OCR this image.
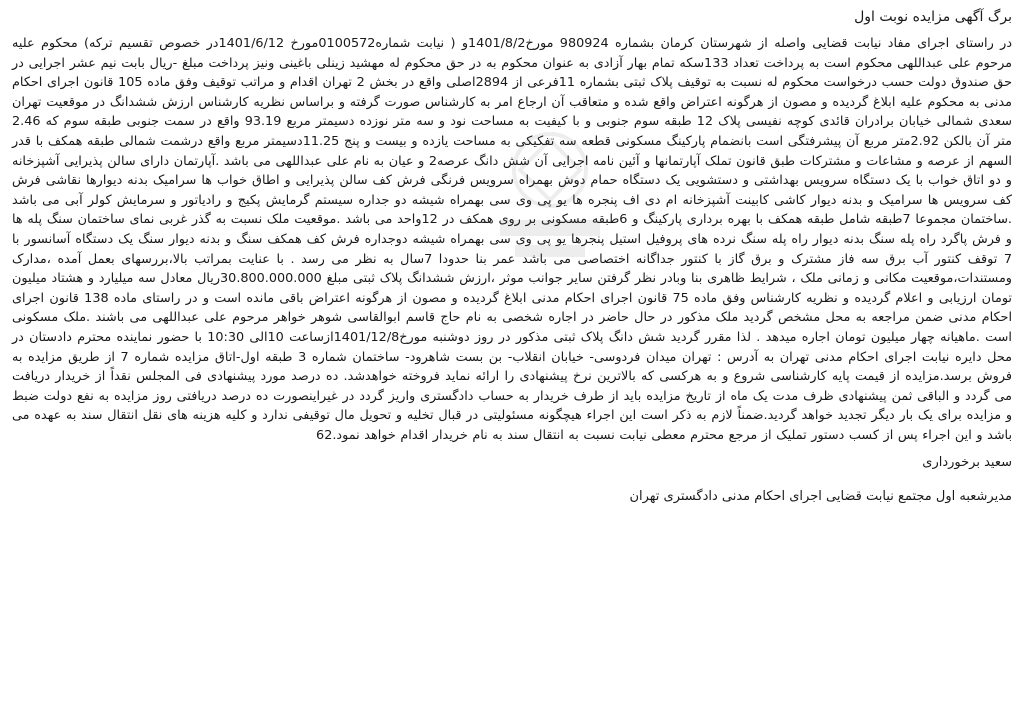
برگ آگهی مزایده نوبت اول

در راستای اجرای مفاد نیابت قضایی واصله از شهرستان کرمان بشماره 980924 مورخ1401/8/2و ( نیابت شماره0100572مورخ 1401/6/12در خصوص تقسیم ترکه) محکوم علیه مرحوم علی عبداللهی محکوم است به پرداخت تعداد 133سکه تمام بهار آزادی به عنوان محکوم به در حق محکوم له مهشید زینلی باغینی ونیز پرداخت مبلغ -ریال بابت نیم عشر اجرایی در حق صندوق دولت حسب درخواست محکوم له نسبت به توقیف پلاک ثبتی بشماره 11فرعی از 2894اصلی واقع در بخش 2 تهران اقدام و مراتب توقیف وفق ماده 105 قانون اجرای احکام مدنی به محکوم علیه ابلاغ گردیده و مصون از هرگونه اعتراض واقع شده و متعاقب آن ارجاع امر به کارشناس صورت گرفته و براساس نظریه کارشناس ارزش ششدانگ در موقعیت تهران سعدی شمالی خیابان برادران قائدی کوچه نفیسی پلاک 12 طبقه سوم جنوبی و با کیفیت به مساحت نود و سه متر نوزده دسیمتر مربع 93.19 واقع در سمت جنوبی طبقه سوم که 2.46 متر آن بالکن 2.92متر مربع آن پیشرفتگی است بانضمام پارکینگ مسکونی قطعه سه تفکیکی به مساحت یازده و بیست و پنج 11.25دسیمتر مربع واقع درشمت شمالی طبقه همکف با قدر السهم از عرصه و مشاعات و مشترکات طبق قانون تملک آپارتمانها و آئین نامه اجرایی آن شش دانگ عرصه2 و عیان به نام علی عبداللهی می باشد .آپارتمان دارای سالن پذیرایی آشپزخانه و دو اتاق خواب با یک دستگاه سرویس بهداشتی و دستشویی یک دستگاه حمام دوش بهمراه سرویس فرنگی فرش کف سالن پذیرایی و اطاق خواب ها سرامیک بدنه دیوارها نقاشی فرش کف سرویس ها سرامیک و بدنه دیوار کاشی کابینت آشپزخانه ام دی اف پنجره ها یو پی وی سی بهمراه شیشه دو جداره سیستم گرمایش پکیج و رادیاتور و سرمایش کولر آبی می باشد .ساختمان مجموعا 7طبقه شامل طبقه همکف با بهره برداری پارکینگ و 6طبقه مسکونی بر روی همکف در 12واحد می باشد .موقعیت ملک نسبت به گذر غربی نمای ساختمان سنگ پله ها و فرش پاگرد راه پله سنگ بدنه دیوار راه پله سنگ نرده های پروفیل استیل پنجرها یو پی وی سی بهمراه شیشه دوجداره فرش کف همکف سنگ و بدنه دیوار سنگ یک دستگاه آسانسور با 7 توقف کنتور آب برق سه فاز مشترک و برق گاز با کنتور جداگانه اختصاصی می باشد عمر بنا حدودا 7سال به نظر می رسد . با عنایت بمراتب بالا،بررسهای بعمل آمده ،مدارک ومستندات،موقعیت مکانی و زمانی ملک ، شرایط ظاهری بنا وبادر نظر گرفتن سایر جوانب موثر ،ارزش ششدانگ پلاک ثبتی مبلغ 30.800.000.000ریال معادل سه میلیارد و هشتاد میلیون تومان ارزیابی و اعلام گردیده و نظریه کارشناس وفق ماده 75 قانون اجرای احکام مدنی ابلاغ گردیده و مصون از هرگونه اعتراض باقی مانده است و در راستای ماده 138 قانون اجرای احکام مدنی ضمن مراجعه به محل مشخص گردید ملک مذکور در حال حاضر در اجاره شخصی به نام حاج قاسم ابوالقاسی شوهر خواهر مرحوم علی عبداللهی می باشند .ملک مسکونی است .ماهیانه چهار میلیون تومان اجاره میدهد . لذا مقرر گردید شش دانگ پلاک ثبتی مذکور در روز دوشنبه مورخ1401/12/8ازساعت 10الی 10:30 با حضور نماینده محترم دادستان در محل دایره نیابت اجرای احکام مدنی تهران به آدرس : تهران میدان فردوسی- خیابان انقلاب- بن بست شاهرود- ساختمان شماره 3 طبقه اول-اتاق مزایده شماره 7 از طریق مزایده به فروش برسد.مزایده از قیمت پایه کارشناسی شروع و به هرکسی که بالاترین نرخ پیشنهادی را ارائه نماید فروخته خواهدشد. ده درصد مورد پیشنهادی فی المجلس نقداً از خریدار دریافت می گردد و الباقی ثمن پیشنهادی ظرف مدت یک ماه از تاریخ مزایده باید از طرف خریدار به حساب دادگستری واریز گردد در غیراینصورت ده درصد دریافتی روز مزایده به نفع دولت ضبط و مزایده برای یک بار دیگر تجدید خواهد گردید.ضمناً لازم به ذکر است این اجراء هیچگونه مسئولیتی در قبال تخلیه و تحویل مال توقیفی ندارد و کلیه هزینه های نقل انتقال سند به عهده می باشد و این اجراء پس از کسب دستور تملیک از مرجع محترم معطی نیابت نسبت به انتقال سند به نام خریدار اقدام خواهد نمود.62

سعید برخورداری
مدیرشعبه اول مجتمع نیابت قضایی اجرای احکام مدنی دادگستری تهران
